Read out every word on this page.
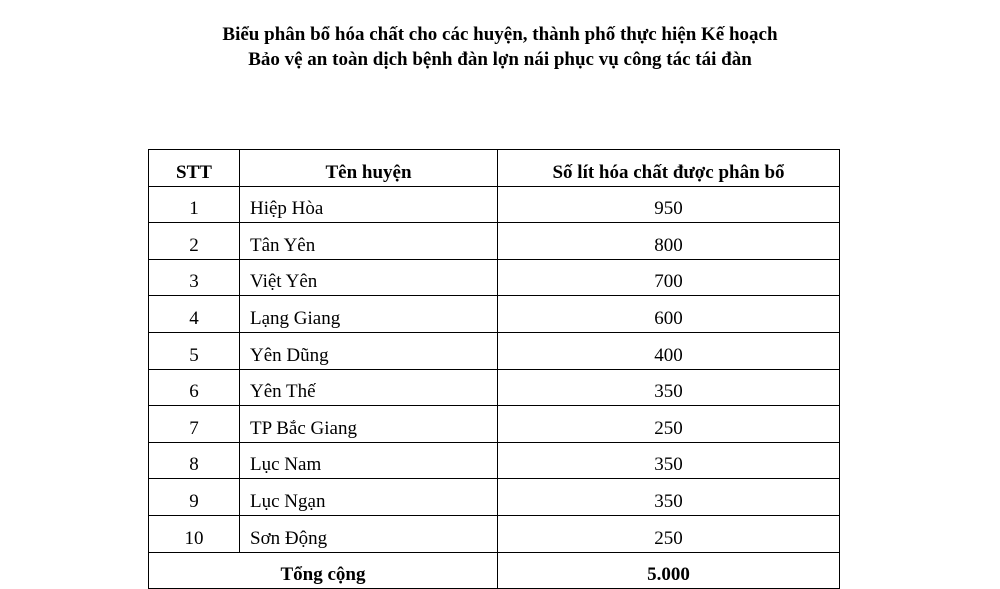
Biểu phân bổ hóa chất cho các huyện, thành phố thực hiện Kế hoạch
Bảo vệ an toàn dịch bệnh đàn lợn nái phục vụ công tác tái đàn
STT	Tên huyện	Số lít hóa chất được phân bổ
1	Hiệp Hòa	950
2	Tân Yên	800
3	Việt Yên	700
4	Lạng Giang	600
5	Yên Dũng	400
6	Yên Thế	350
7	TP Bắc Giang	250
8	Lục Nam	350
9	Lục Ngạn	350
10	Sơn Động	250
Tổng cộng		5.000
